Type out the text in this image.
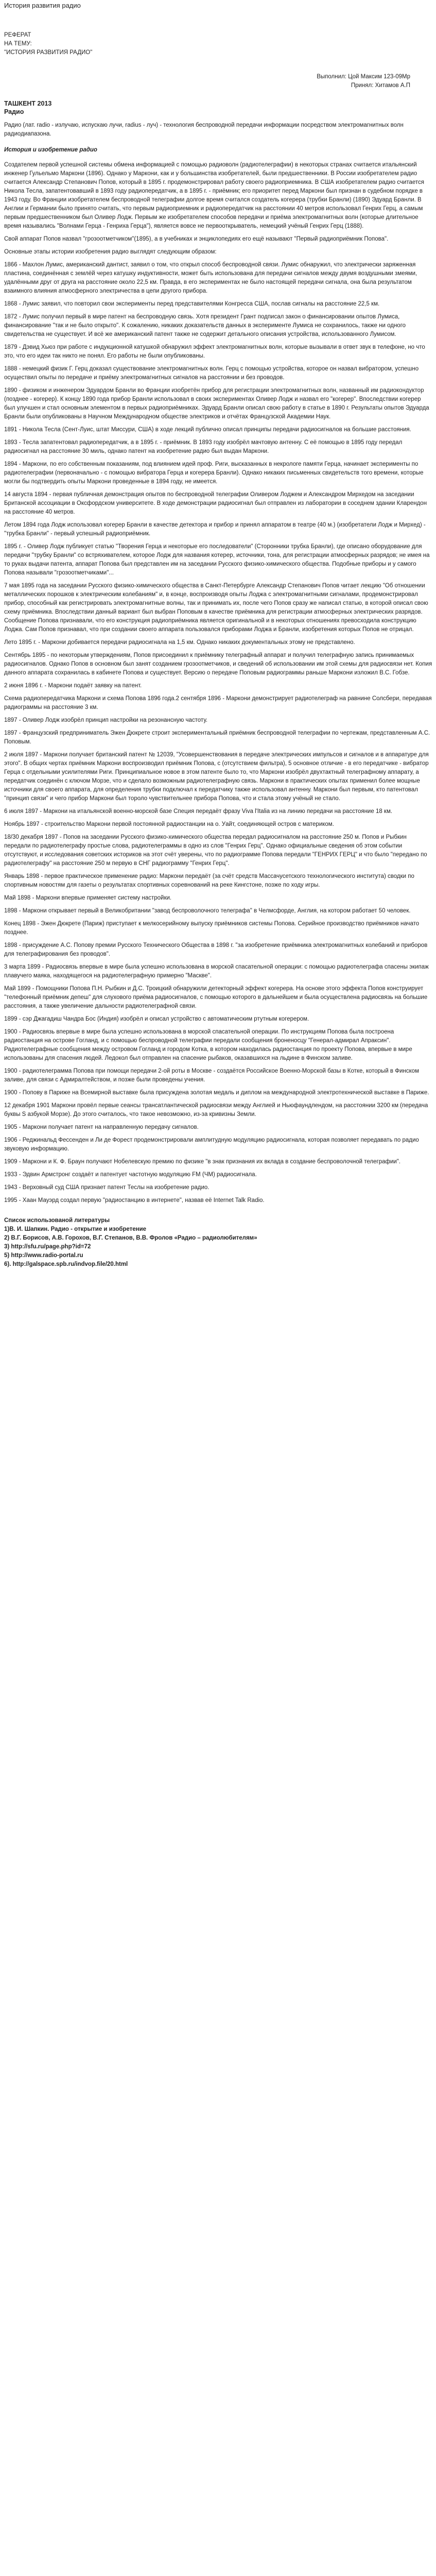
История развития радио
РЕФЕРАТ
НА ТЕМУ:
"ИСТОРИЯ РАЗВИТИЯ РАДИО"
Выполнил: Цой Максим 123-09Мр
Принял: Хитамов А.П
ТАШКЕНТ 2013
Радио

Радио (лат. radio - излучаю, испускаю лучи, radius - луч) - технология беспроводной передачи информации посредством электромагнитных волн радиодиапазона.

История и изобретение радио

Создателем первой успешной системы обмена информацией с помощью радиоволн (радиотелеграфии) в некоторых странах считается итальянский инженер Гульельмо Маркони (1896). Однако у Маркони, как и у большинства изобретателей, были предшественники. В России изобретателем радио считается Александр Степанович Попов, который в 1895 г. продемонстрировал работу своего радиоприемника. В США изобретателем радио считается Никола Тесла, запатентовавший в 1893 году радиопередатчик, а в 1895 г. - приёмник; его приоритет перед Маркони был признан в судебном порядке в 1943 году. Во Франции изобретателем беспроводной телеграфии долгое время считался создатель когерера (трубки Бранли) (1890) Эдуард Бранли. В Англии и Германии было принято считать, что первым радиоприемник и радиопередатчик на расстоянии 40 метров использовал Генрих Герц, а самым первым предшественником был Оливер Лодж. Первым же изобретателем способов передачи и приёма электромагнитных волн (которые длительное время назывались "Волнами Герца - Генриха Герца"), является вовсе не первооткрыватель, немецкий учёный Генрих Герц (1888).

Свой аппарат Попов назвал "грозоотметчиком"(1895), а в учебниках и энциклопедиях его ещё называют "Первый радиоприёмник Попова".

Основные этапы истории изобретения радио выглядят следующим образом:

1866 - Махлон Лумис, американский дантист, заявил о том, что открыл способ беспроводной связи. Лумис обнаружил, что электрически заряженная пластина, соединённая с землёй через катушку индуктивности, может быть использована для передачи сигналов между двумя воздушными змеями, удалёнными друг от друга на расстояние около 22,5 км. Правда, в его экспериментах не было настоящей передачи сигнала, она была результатом взаимного влияния атмосферного электричества в цепи другого прибора.

1868 - Лумис заявил, что повторил свои эксперименты перед представителями Конгресса США, послав сигналы на расстояние 22,5 км.

1872 - Лумис получил первый в мире патент на беспроводную связь. Хотя президент Грант подписал закон о финансировании опытов Лумиса, финансирование "так и не было открыто". К сожалению, никаких доказательств данных в эксперименте Лумиса не сохранилось, также ни одного свидетельства не существует. И всё же американский патент также не содержит детального описания устройства, использованного Лумисом.

1879 - Дэвид Хьюз при работе с индукционной катушкой обнаружил эффект электромагнитных волн, которые вызывали в ответ звук в телефоне, но что это, что его идеи так никто не понял. Его работы не были опубликованы.

1888 - немецкий физик Г. Герц доказал существование электромагнитных волн. Герц с помощью устройства, которое он назвал вибратором, успешно осуществил опыты по передаче и приёму электромагнитных сигналов на расстоянии и без проводов.

1890 - физиком и инженером Эдуардом Бранли во Франции изобретён прибор для регистрации электромагнитных волн, названный им радиокондуктор (позднее - когерер). К концу 1890 года прибор Бранли использовал в своих экспериментах Оливер Лодж и назвал его "когерер". Впоследствии когерер был улучшен и стал основным элементом в первых радиоприёмниках. Эдуард Бранли описал свою работу в статье в 1890 г. Результаты опытов Эдуарда Бранли были опубликованы в Научном Международном обществе электриков и отчётах Французской Академии Наук.

1891 - Никола Тесла (Сент-Луис, штат Миссури, США) в ходе лекций публично описал принципы передачи радиосигналов на большие расстояния.

1893 - Тесла запатентовал радиопередатчик, а в 1895 г. - приёмник. В 1893 году изобрёл мачтовую антенну. С её помощью в 1895 году передал радиосигнал на расстояние 30 миль, однако патент на изобретение радио был выдан Маркони.

1894 - Маркони, по его собственным показаниям, под влиянием идей проф. Риги, высказанных в некрологе памяти Герца, начинает эксперименты по радиотелеграфии (первоначально - с помощью вибратора Герца и когерера Бранли). Однако никаких письменных свидетельств того времени, которые могли бы подтвердить опыты Маркони проведенные в 1894 году, не имеется.

14 августа 1894 - первая публичная демонстрация опытов по беспроводной телеграфии Оливером Лоджем и Александром Мирхедом на заседании Британской ассоциации в Оксфордском университете. В ходе демонстрации радиосигнал был отправлен из лаборатории в соседнем здании Кларендон на расстояние 40 метров.

Летом 1894 года Лодж использовал когерер Бранли в качестве детектора и прибор и принял аппаратом в театре (40 м.) (изобретатели Лодж и Мирхед) - "трубка Бранли" - первый успешный радиоприёмник.

1895 г. - Оливер Лодж публикует статью "Творения Герца и некоторые его последователи" (Сторонники трубка Бранли), где описано оборудование для передачи "трубку Бранли" со встряхивателем, которое Лодж для названия котерер, источники, тона, для регистрации атмосферных разрядов; не имея на то руках выдачи патента, аппарат Попова был представлен им на заседании Русского физико-химического общества. Подобные приборы и у самого Попова называли "грозоотметчиками"...

7 мая 1895 года на заседании Русского физико-химического общества в Санкт-Петербурге Александр Степанович Попов читает лекцию "Об отношении металлических порошков к электрическим колебаниям" и, в конце, воспроизводя опыты Лоджа с электромагнитными сигналами, продемонстрировал прибор, способный как регистрировать электромагнитные волны, так и принимать их, после чего Попов сразу же написал статью, в которой описал свою схему приёмника. Впоследствии данный вариант был выбран Поповым в качестве приёмника для регистрации атмосферных электрических разрядов. Сообщение Попова признавали, что его конструкция радиоприёмника является оригинальной и в некоторых отношениях превосходила конструкцию Лоджа. Сам Попов признавал, что при создании своего аппарата пользовался приборами Лоджа и Бранли, изобретения которых Попов не отрицал.

Лето 1895 г. - Маркони добивается передачи радиосигнала на 1,5 км. Однако никаких документальных этому не представлено.

Сентябрь 1895 - по некоторым утверждениям, Попов присоединил к приёмнику телеграфный аппарат и получил телеграфную запись принимаемых радиосигналов. Однако Попов в основном был занят созданием грозоотметчиков, и сведений об использовании им этой схемы для радиосвязи нет. Копия данного аппарата сохранилась в кабинете Попова и существует. Версию о передаче Поповым радиограммы раньше Маркони изложил В.С. Гобзе.

2 июня 1896 г. - Маркони подаёт заявку на патент.

Схема радиопередатчика Маркони и схема Попова 1896 года.2 сентября 1896 - Маркони демонстрирует радиотелеграф на равнине Солсбери, передавая радиограммы на расстояние 3 км.

1897 - Оливер Лодж изобрёл принцип настройки на резонансную частоту.

1897 - Французский предприниматель Эжен Дюкрете строит экспериментальный приёмник беспроводной телеграфии по чертежам, представленным А.С. Поповым.

2 июля 1897 - Маркони получает британский патент № 12039, "Усовершенствования в передаче электрических импульсов и сигналов и в аппаратуре для этого". В общих чертах приёмник Маркони воспроизводил приёмник Попова, с (отсутствием фильтра), 5 основное отличие - в его передатчике - вибратор Герца с отдельными усилителями Риги. Принципиальное новое в этом патенте было то, что Маркони изобрёл двухтактный телеграфному аппарату, а передатчик соединён с ключом Морзе, что и сделало возможным радиотелеграфную связь. Маркони в практических опытах применил более мощные источники для своего аппарата, для определения трубки подключал к передатчику также использовал антенну. Маркони был первым, кто патентовал "принцип связи" и чего прибор Маркони был тороло чувствительнее прибора Попова, что и стала этому учёный не стало.

6 июля 1897 - Маркони на итальянской военно-морской базе Специя передаёт фразу Viva l'Italia из на линию передачи на расстояние 18 км.

Ноябрь 1897 - строительство Маркони первой постоянной радиостанции на о. Уайт, соединяющей остров с материком.

18/30 декабря 1897 - Попов на заседании Русского физико-химического общества передал радиосигналом на расстояние 250 м. Попов и Рыбкин передали по радиотелеграфу простые слова, радиотелеграммы в одно из слов "Генрих Герц". Однако официальные сведения об этом событии отсутствуют, и исследования советских историков на этот счёт уверены, что по радиограмме Попова передали "ГЕНРИХ ГЕРЦ" и что было "передано по радиотелеграфу" на расстояние 250 м первую в СНГ радиограмму "Генрих Герц".

Январь 1898 - первое практическое применение радио: Маркони передаёт (за счёт средств Массачусетского технологического института) сводки по спортивным новостям для газеты о результатах спортивных соревнований на реке Кингстоне, позже по ходу игры.

Май 1898 - Маркони впервые применяет систему настройки.

1898 - Маркони открывает первый в Великобритании "завод беспроволочного телеграфа" в Челмсфорде, Англия, на котором работает 50 человек.

Конец 1898 - Эжен Дюкрете (Париж) приступает к мелкосерийному выпуску приёмников системы Попова. Серийное производство приёмников начато позднее.

1898 - присуждение А.С. Попову премии Русского Технического Общества в 1898 г. "за изобретение приёмника электромагнитных колебаний и приборов для телеграфирования без проводов".

3 марта 1899 - Радиосвязь впервые в мире была успешно использована в морской спасательной операции: с помощью радиотелеграфа спасены экипаж плавучего маяка, находящегося на радиотелеграфную примерно "Маскве".

Май 1899 - Помощники Попова П.Н. Рыбкин и Д.С. Троицкий обнаружили детекторный эффект когерера. На основе этого эффекта Попов конструирует "телефонный приёмник депеш" для слухового приёма радиосигналов, с помощью которого в дальнейшем и была осуществлена радиосвязь на большие расстояния, а также увеличение дальности радиотелеграфной связи.

1899 - сэр Джагадиш Чандра Бос (Индия) изобрёл и описал устройство с автоматическим ртутным когерером.

1900 - Радиосвязь впервые в мире была успешно использована в морской спасательной операции. По инструкциям Попова была построена радиостанция на острове Гогланд, и с помощью беспроводной телеграфии передали сообщения броненосцу "Генерал-адмирал Апраксин". Радиотелеграфные сообщения между островом Гогланд и городом Котка, в котором находилась радиостанция по проекту Попова, впервые в мире использованы для спасения людей. Ледокол был отправлен на спасение рыбаков, оказавшихся на льдине в Финском заливе.

1900 - радиотелеграмма Попова при помощи передачи 2-ой роты в Москве - создаётся Российское Военно-Морской базы в Котке, который в Финском заливе, для связи с Адмиралтейством, и позже были проведены учения.

1900 - Попову в Париже на Всемирной выставке была присуждена золотая медаль и диплом на международной электротехнической выставке в Париже.

12 декабря 1901 Маркони провёл первые сеансы трансатлантической радиосвязи между Англией и Ньюфаундлендом, на расстоянии 3200 км (передача буквы S азбукой Морзе). До этого считалось, что такое невозможно, из-за кривизны Земли.

1905 - Маркони получает патент на направленную передачу сигналов.

1906 - Реджинальд Фессенден и Ли де Форест продемонстрировали амплитудную модуляцию радиосигнала, которая позволяет передавать по радио звуковую информацию.

1909 - Маркони и К. Ф. Браун получают Нобелевскую премию по физике "в знак признания их вклада в создание беспроволочной телеграфии".

1933 - Эдвин Армстронг создаёт и патентует частотную модуляцию FM (ЧМ) радиосигнала.

1943 - Верховный суд США признает патент Теслы на изобретение радио.

1995 - Хаан Мауэрд создал первую "радиостанцию в интернете", назвав её Internet Talk Radio.

Список использованой литературы
1)В. И. Шапкин. Радио - открытие и изобретение
2) В.Г. Борисов, А.В. Горохов, В.Г. Степанов, В.В. Фролов «Радио – радиолюбителям»
3) http://sfu.ru/page.php?id=72
5) http://www.radio-portal.ru
6). http://galspace.spb.ru/indvop.file/20.html
